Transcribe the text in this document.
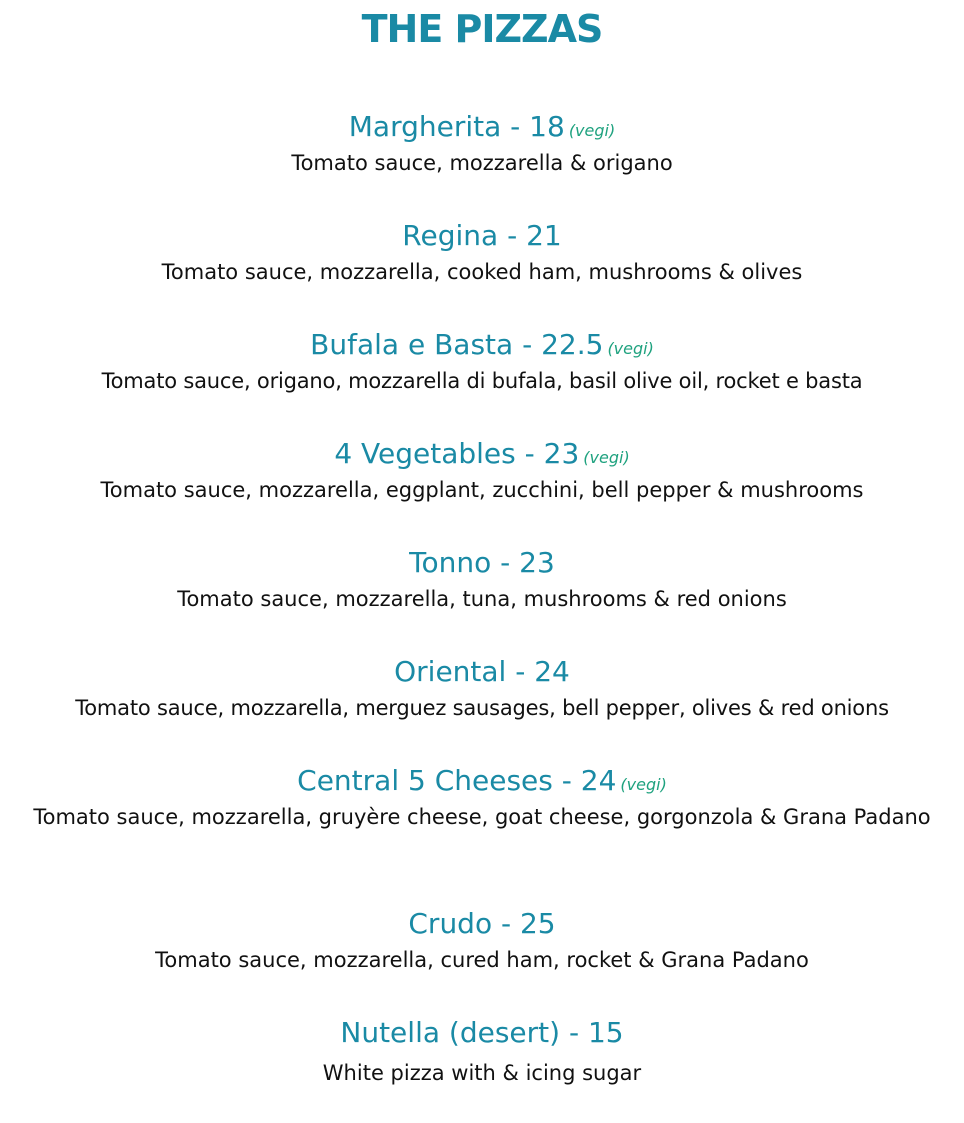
THE PIZZAS
Margherita - 18 (vegi)
Tomato sauce, mozzarella & origano
Regina - 21
Tomato sauce, mozzarella, cooked ham, mushrooms & olives
Bufala e Basta - 22.5 (vegi)
Tomato sauce, origano, mozzarella di bufala, basil olive oil, rocket e basta
4 Vegetables - 23 (vegi)
Tomato sauce, mozzarella, eggplant, zucchini, bell pepper & mushrooms
Tonno - 23
Tomato sauce, mozzarella, tuna, mushrooms & red onions
Oriental - 24
Tomato sauce, mozzarella, merguez sausages, bell pepper, olives & red onions
Central 5 Cheeses - 24 (vegi)
Tomato sauce, mozzarella, gruyère cheese, goat cheese, gorgonzola & Grana Padano
Crudo - 25
Tomato sauce, mozzarella, cured ham, rocket & Grana Padano
Nutella (desert) - 15
White pizza with & icing sugar
